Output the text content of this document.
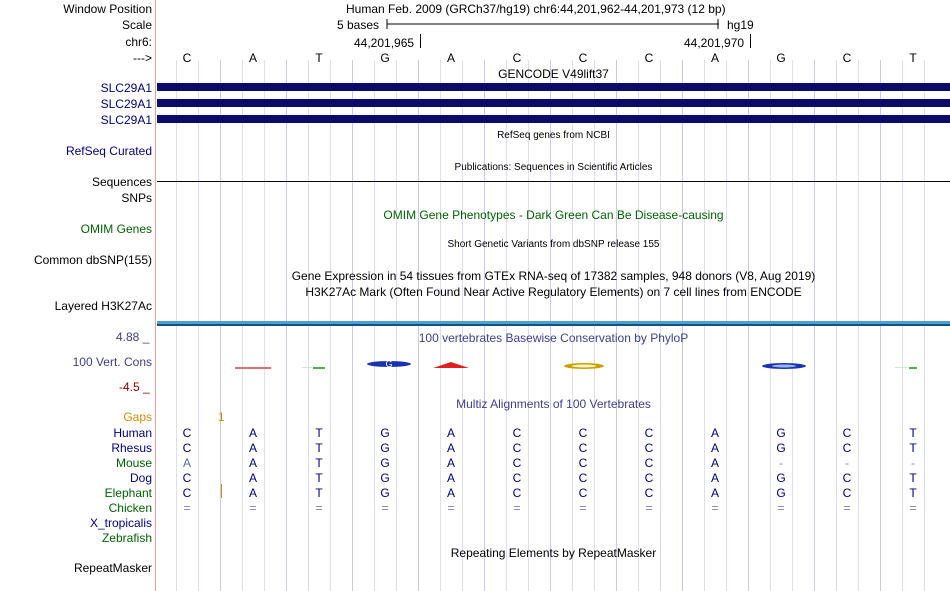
Window Position	Human Feb. 2009 (GRCh37/hg19) chr6:44,201,962-44,201,973 (12 bp)
Scale	5 bases	hg19
chr6:	44,201,965	44,201,970
--->	C	A	T	G	A	C	C	C	A	G	C	T
GENCODE V49lift37
SLC29A1
SLC29A1
SLC29A1
RefSeq genes from NCBI
RefSeq Curated
Publications: Sequences in Scientific Articles
Sequences
SNPs
OMIM Gene Phenotypes - Dark Green Can Be Disease-causing
OMIM Genes
Short Genetic Variants from dbSNP release 155
Common dbSNP(155)
Gene Expression in 54 tissues from GTEx RNA-seq of 17382 samples, 948 donors (V8, Aug 2019)
H3K27Ac Mark (Often Found Near Active Regulatory Elements) on 7 cell lines from ENCODE
Layered H3K27Ac
4.88 _	100 vertebrates Basewise Conservation by PhyloP
100 Vert. Cons
-4.5 _
G
Multiz Alignments of 100 Vertebrates
Gaps	1
Human	C	A	T	G	A	C	C	C	A	G	C	T
Rhesus	C	A	T	G	A	C	C	C	A	G	C	T
Mouse	A	A	T	G	A	C	C	C	A	-	-	-
Dog	C	A	T	G	A	C	C	C	A	G	C	T
Elephant	C	A	T	G	A	C	C	C	A	G	C	T
Chicken	=	=	=	=	=	=	=	=	=	=	=	=
X_tropicalis
Zebrafish
Repeating Elements by RepeatMasker
RepeatMasker
